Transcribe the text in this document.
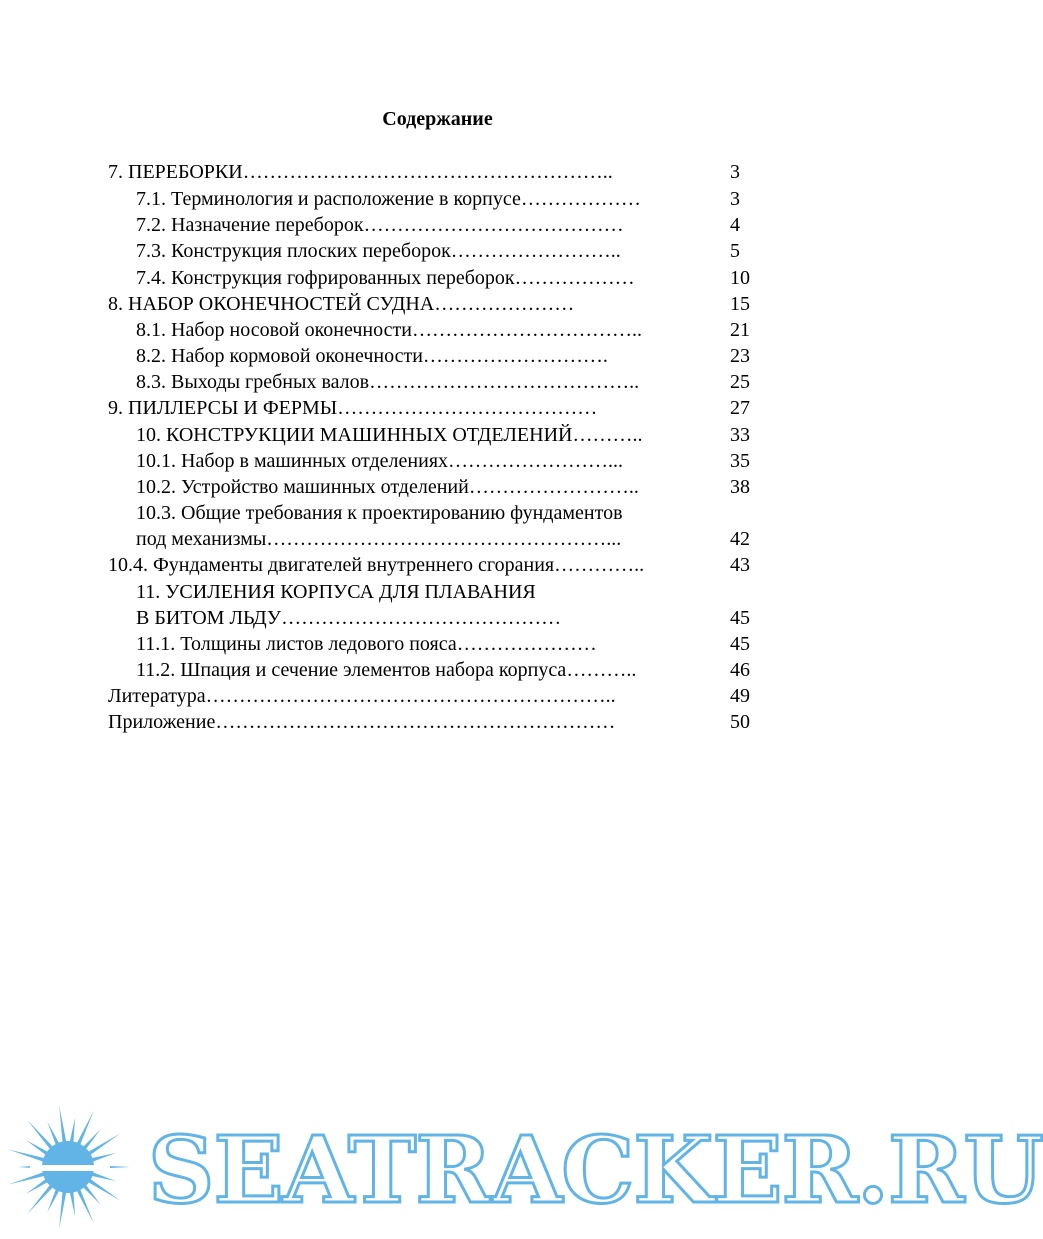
Содержание
7. ПЕРЕБОРКИ………………………………………………..	3
7.1. Терминология и расположение в корпусе………………	3
7.2. Назначение переборок…………………………………	4
7.3. Конструкция плоских переборок……………………..	5
7.4. Конструкция гофрированных переборок………………	10
8. НАБОР ОКОНЕЧНОСТЕЙ СУДНА…………………	15
8.1. Набор носовой оконечности……………………………..	21
8.2. Набор кормовой оконечности……………………….	23
8.3. Выходы гребных валов…………………………………..	25
9. ПИЛЛЕРСЫ И ФЕРМЫ…………………………………	27
10. КОНСТРУКЦИИ МАШИННЫХ ОТДЕЛЕНИЙ………..	33
10.1. Набор в машинных отделениях……………………...	35
10.2. Устройство машинных отделений……………………..	38
10.3. Общие требования к проектированию фундаментов
под механизмы……………………………………………...	42
10.4. Фундаменты двигателей внутреннего сгорания…………..	43
11. УСИЛЕНИЯ КОРПУСА ДЛЯ ПЛАВАНИЯ
В БИТОМ ЛЬДУ……………………………………	45
11.1. Толщины листов ледового пояса…………………	45
11.2. Шпация и сечение элементов набора корпуса………..	46
Литература……………………………………………………..	49
Приложение……………………………………………………	50
SEATRACKER.RU
